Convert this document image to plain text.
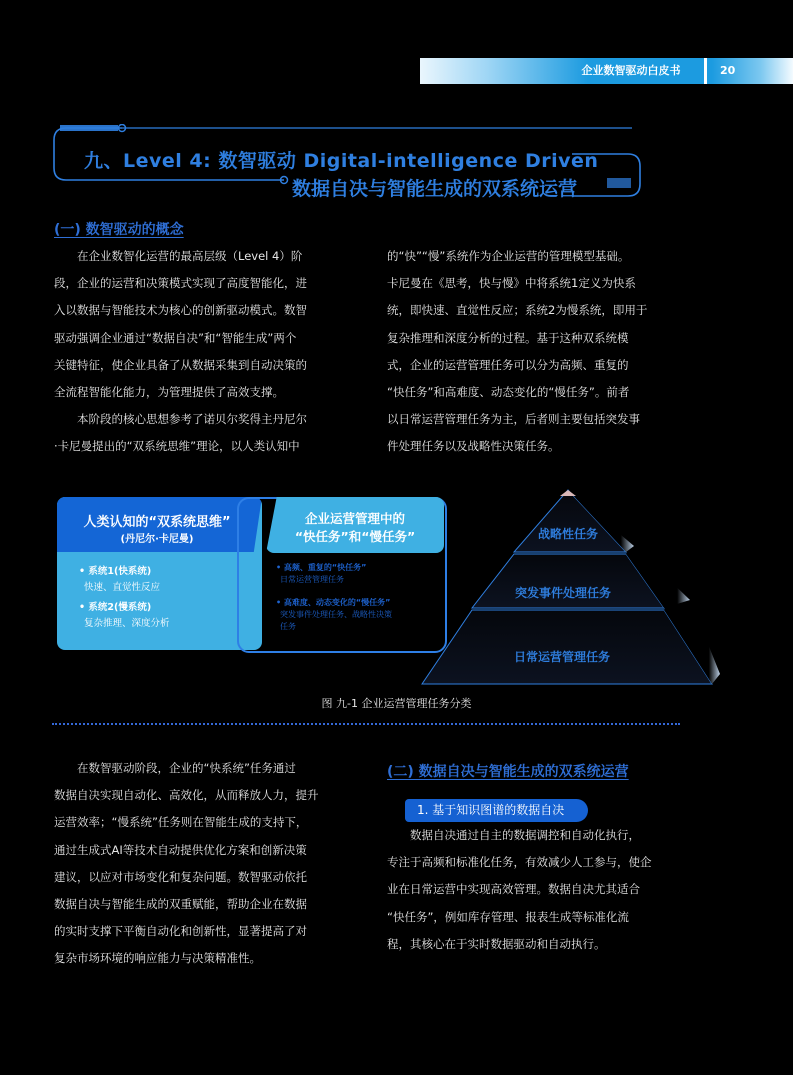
企业数智驱动白皮书	20
九、Level 4: 数智驱动 Digital-intelligence Driven
数据自决与智能生成的双系统运营
(一) 数智驱动的概念
在企业数智化运营的最高层级（Level 4）阶
段，企业的运营和决策模式实现了高度智能化，进
入以数据与智能技术为核心的创新驱动模式。数智
驱动强调企业通过“数据自决”和“智能生成”两个
关键特征，使企业具备了从数据采集到自动决策的
全流程智能化能力，为管理提供了高效支撑。
本阶段的核心思想参考了诺贝尔奖得主丹尼尔
·卡尼曼提出的“双系统思维”理论，以人类认知中
的“快”“慢”系统作为企业运营的管理模型基础。
卡尼曼在《思考，快与慢》中将系统1定义为快系
统，即快速、直觉性反应；系统2为慢系统，即用于
复杂推理和深度分析的过程。基于这种双系统模
式，企业的运营管理任务可以分为高频、重复的
“快任务”和高难度、动态变化的“慢任务”。前者
以日常运营管理任务为主，后者则主要包括突发事
件处理任务以及战略性决策任务。
人类认知的“双系统思维”
(丹尼尔·卡尼曼)
• 系统1(快系统)
快速、直觉性反应
• 系统2(慢系统)
复杂推理、深度分析
企业运营管理中的
“快任务”和“慢任务”
• 高频、重复的“快任务”
日常运营管理任务
• 高难度、动态变化的“慢任务”
突发事件处理任务、战略性决策
任务
战略性任务
突发事件处理任务
日常运营管理任务
图 九-1 企业运营管理任务分类
在数智驱动阶段，企业的“快系统”任务通过
数据自决实现自动化、高效化，从而释放人力，提升
运营效率；“慢系统”任务则在智能生成的支持下，
通过生成式AI等技术自动提供优化方案和创新决策
建议，以应对市场变化和复杂问题。数智驱动依托
数据自决与智能生成的双重赋能，帮助企业在数据
的实时支撑下平衡自动化和创新性，显著提高了对
复杂市场环境的响应能力与决策精准性。
(二) 数据自决与智能生成的双系统运营
1. 基于知识图谱的数据自决
数据自决通过自主的数据调控和自动化执行，
专注于高频和标准化任务，有效减少人工参与，使企
业在日常运营中实现高效管理。数据自决尤其适合
“快任务”，例如库存管理、报表生成等标准化流
程，其核心在于实时数据驱动和自动执行。
